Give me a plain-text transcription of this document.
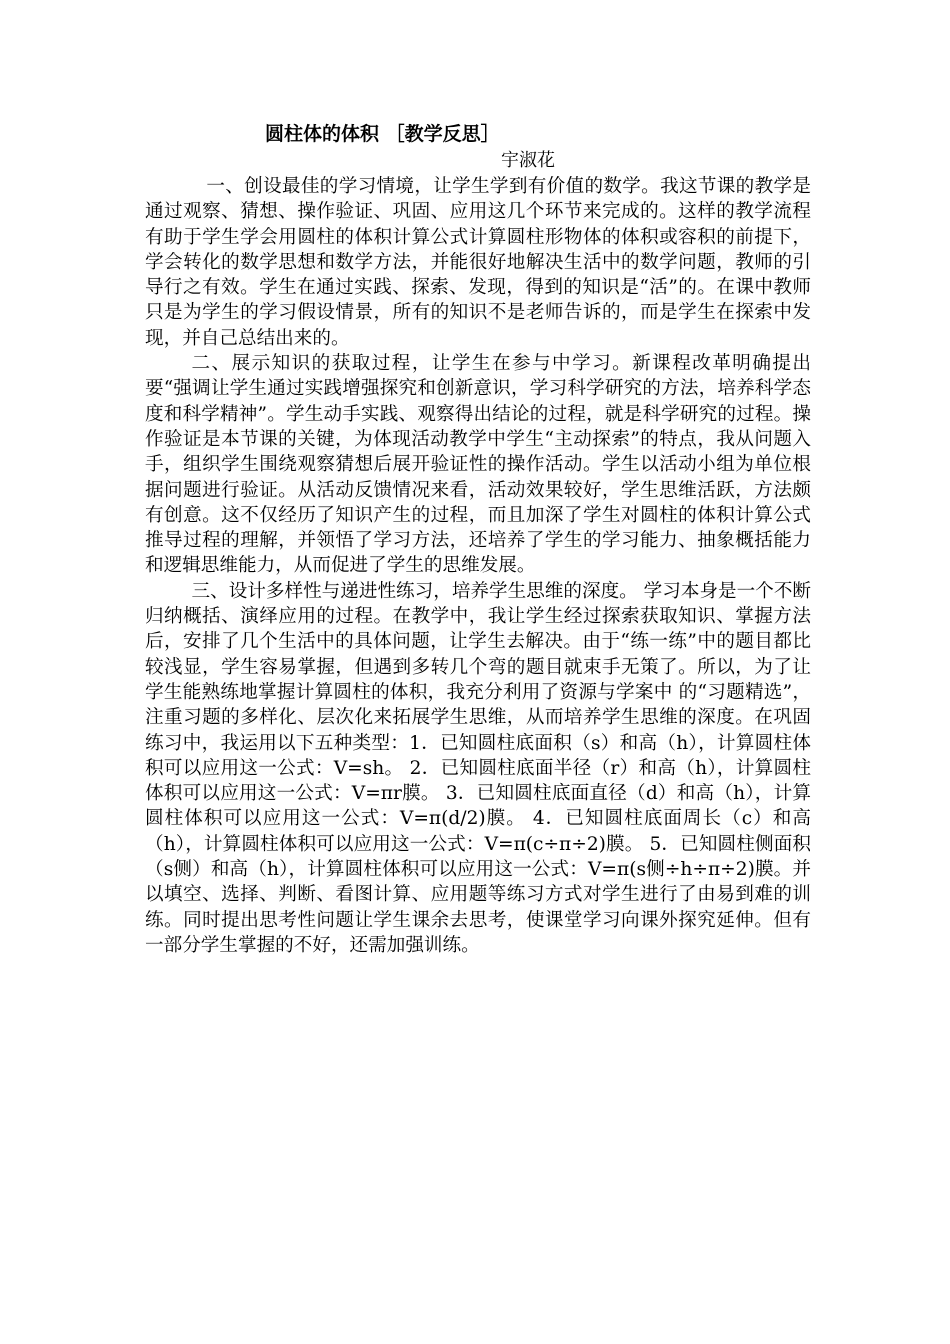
圆柱体的体积 ［教学反思］
宇淑花

一、创设最佳的学习情境，让学生学到有价值的数学。我这节课的教学是通过观察、猜想、操作验证、巩固、应用这几个环节来完成的。这样的教学流程有助于学生学会用圆柱的体积计算公式计算圆柱形物体的体积或容积的前提下，学会转化的数学思想和数学方法，并能很好地解决生活中的数学问题，教师的引导行之有效。学生在通过实践、探索、发现，得到的知识是“活”的。在课中教师只是为学生的学习假设情景，所有的知识不是老师告诉的，而是学生在探索中发现，并自己总结出来的。

二、展示知识的获取过程，让学生在参与中学习。新课程改革明确提出要“强调让学生通过实践增强探究和创新意识，学习科学研究的方法，培养科学态度和科学精神”。学生动手实践、观察得出结论的过程，就是科学研究的过程。操作验证是本节课的关键，为体现活动教学中学生“主动探索”的特点，我从问题入手，组织学生围绕观察猜想后展开验证性的操作活动。学生以活动小组为单位根据问题进行验证。从活动反馈情况来看，活动效果较好，学生思维活跃，方法颇有创意。这不仅经历了知识产生的过程，而且加深了学生对圆柱的体积计算公式推导过程的理解，并领悟了学习方法，还培养了学生的学习能力、抽象概括能力和逻辑思维能力，从而促进了学生的思维发展。

三、设计多样性与递进性练习，培养学生思维的深度。 学习本身是一个不断归纳概括、演绎应用的过程。在教学中，我让学生经过探索获取知识、掌握方法后，安排了几个生活中的具体问题，让学生去解决。由于“练一练”中的题目都比较浅显，学生容易掌握，但遇到多转几个弯的题目就束手无策了。所以，为了让学生能熟练地掌握计算圆柱的体积，我充分利用了资源与学案中 的“习题精选”，注重习题的多样化、层次化来拓展学生思维，从而培养学生思维的深度。在巩固练习中，我运用以下五种类型：1．已知圆柱底面积（s）和高（h），计算圆柱体积可以应用这一公式：V=sh。 2．已知圆柱底面半径（r）和高（h），计算圆柱体积可以应用这一公式：V=πr膜。 3．已知圆柱底面直径（d）和高（h），计算圆柱体积可以应用这一公式：V=π(d/2)膜。 4．已知圆柱底面周长（c）和高（h），计算圆柱体积可以应用这一公式：V=π(c÷π÷2)膜。 5．已知圆柱侧面积（s侧）和高（h），计算圆柱体积可以应用这一公式：V=π(s侧÷h÷π÷2)膜。并以填空、选择、判断、看图计算、应用题等练习方式对学生进行了由易到难的训练。同时提出思考性问题让学生课余去思考，使课堂学习向课外探究延伸。但有一部分学生掌握的不好，还需加强训练。
